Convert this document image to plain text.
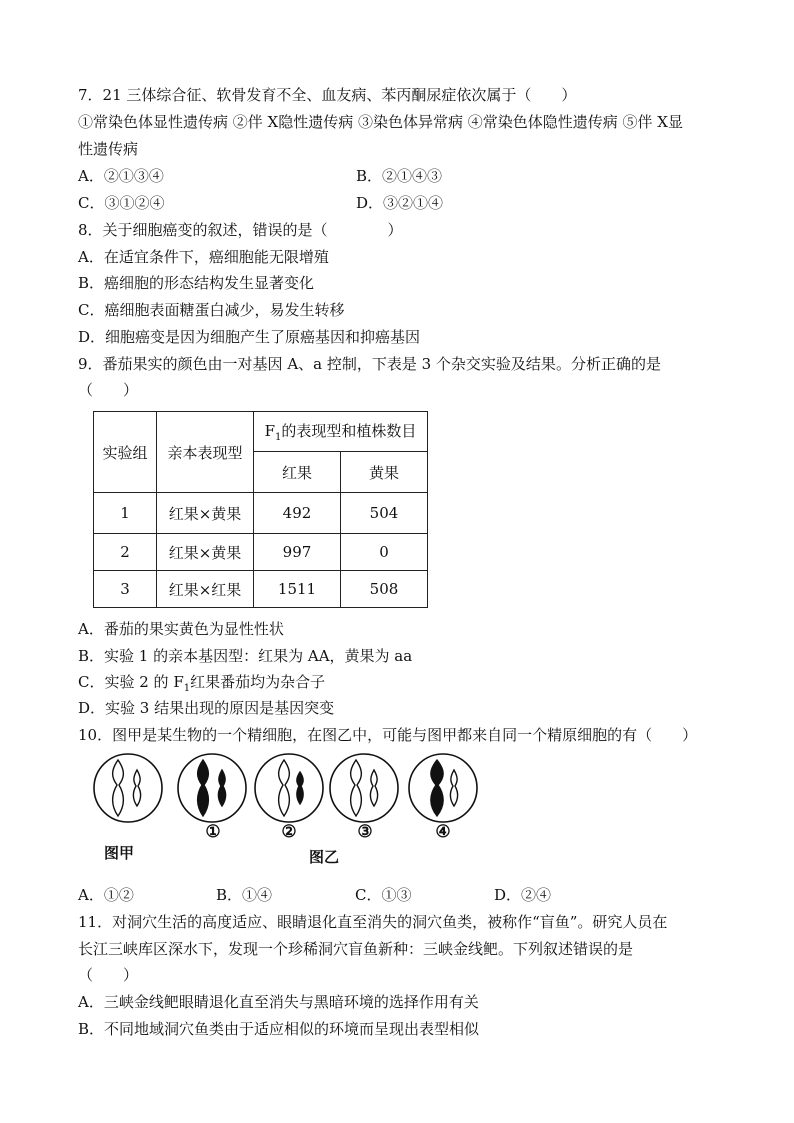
7．21 三体综合征、软骨发育不全、血友病、苯丙酮尿症依次属于（　　）
①常染色体显性遗传病 ②伴 X隐性遗传病 ③染色体异常病 ④常染色体隐性遗传病 ⑤伴 X显
性遗传病
A．②①③④	B．②①④③
C．③①②④	D．③②①④
8．关于细胞癌变的叙述，错误的是（　　　　）
A．在适宜条件下，癌细胞能无限增殖
B．癌细胞的形态结构发生显著变化
C．癌细胞表面糖蛋白减少，易发生转移
D．细胞癌变是因为细胞产生了原癌基因和抑癌基因
9．番茄果实的颜色由一对基因 A、a 控制，下表是 3 个杂交实验及结果。分析正确的是
（　　）
实验组	亲本表现型	$F_1$的表现型和植株数目	
		红果	黄果
1	红果×黄果	492	504
2	红果×黄果	997	0
3	红果×红果	1511	508
A．番茄的果实黄色为显性性状
B．实验 1 的亲本基因型：红果为 AA，黄果为 aa
C．实验 2 的 $F_1$红果番茄均为杂合子
D．实验 3 结果出现的原因是基因突变
10．图甲是某生物的一个精细胞，在图乙中，可能与图甲都来自同一个精原细胞的有（　　）
图甲
①	②	③	④
图乙
A．①②	B．①④	C．①③	D．②④
11．对洞穴生活的高度适应、眼睛退化直至消失的洞穴鱼类，被称作“盲鱼”。研究人员在
长江三峡库区深水下，发现一个珍稀洞穴盲鱼新种：三峡金线鲃。下列叙述错误的是
（　　）
A．三峡金线鲃眼睛退化直至消失与黑暗环境的选择作用有关
B．不同地域洞穴鱼类由于适应相似的环境而呈现出表型相似
